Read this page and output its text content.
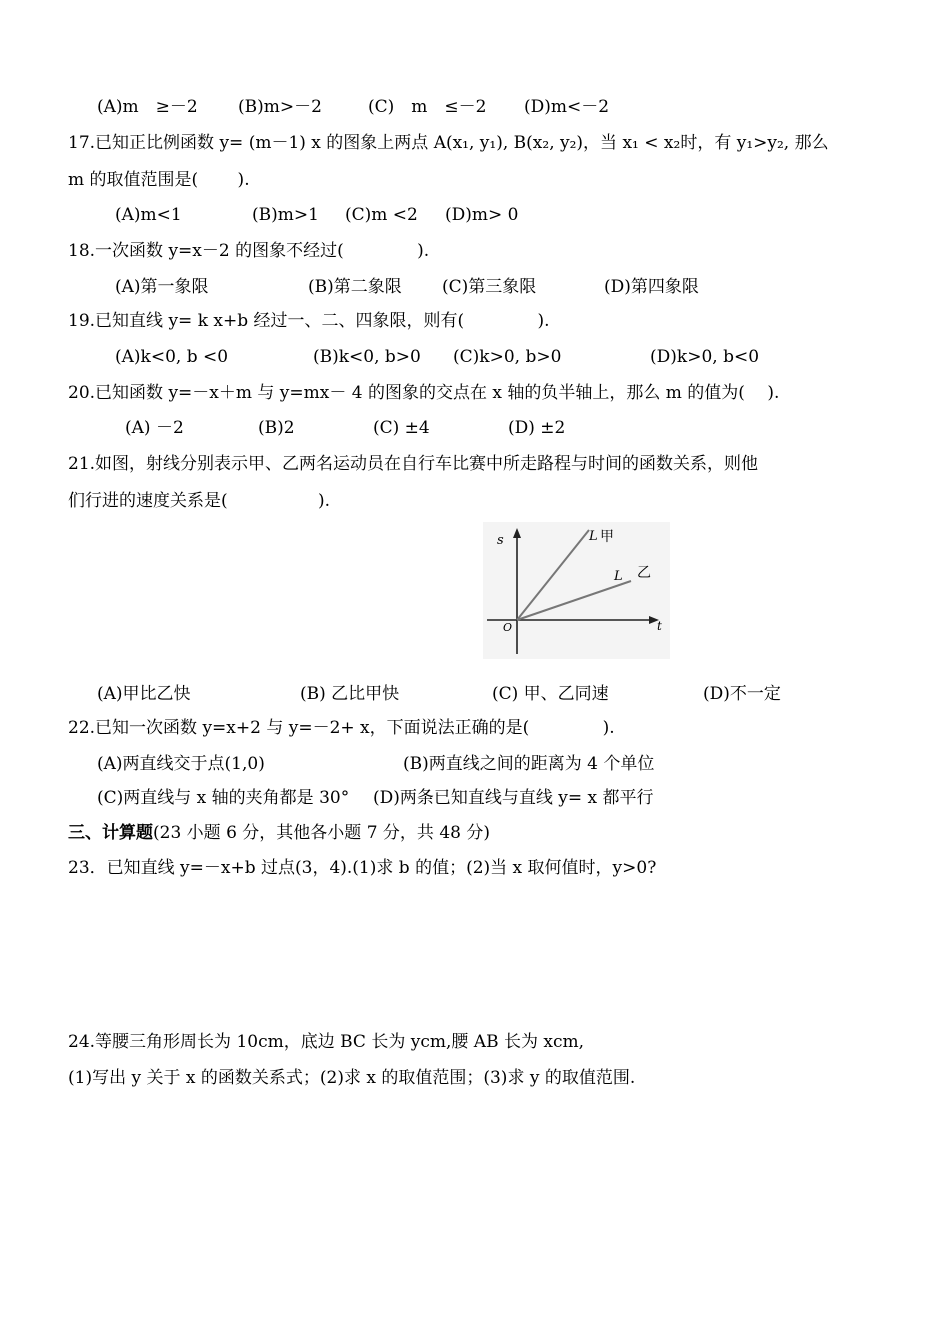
(A)m　≥－2 (B)m>－2	(C)　m　≤－2 (D)m<－2
17.已知正比例函数 y= (m－1) x 的图象上两点 A(x₁, y₁), B(x₂, y₂)，当 x₁ < x₂时，有 y₁>y₂, 那么
m 的取值范围是(　　 ).
(A)m<1	(B)m>1 (C)m <2 (D)m> 0
18.一次函数 y=x－2 的图象不经过(　　　　 ).
(A)第一象限	(B)第二象限 (C)第三象限	(D)第四象限
19.已知直线 y= k x+b 经过一、二、四象限，则有(　　　　 ).
(A)k<0, b <0	(B)k<0, b>0 (C)k>0, b>0	(D)k>0, b<0
20.已知函数 y=－x＋m 与 y=mx－ 4 的图象的交点在 x 轴的负半轴上，那么 m 的值为(　 ).
(A) －2	(B)2	(C) ±4	(D) ±2
21.如图，射线分别表示甲、乙两名运动员在自行车比赛中所走路程与时间的函数关系，则他
们行进的速度关系是(　　　　　 ).
s
t
O
L 甲
L 乙
(A)甲比乙快	(B) 乙比甲快	(C) 甲、乙同速	(D)不一定
22.已知一次函数 y=x+2 与 y=－2+ x，下面说法正确的是(　　　　 ).
(A)两直线交于点(1,0)	(B)两直线之间的距离为 4 个单位
(C)两直线与 x 轴的夹角都是 30° (D)两条已知直线与直线 y= x 都平行
三、计算题(23 小题 6 分，其他各小题 7 分，共 48 分)
23．已知直线 y=－x+b 过点(3，4).(1)求 b 的值；(2)当 x 取何值时，y>0?
24.等腰三角形周长为 10cm，底边 BC 长为 ycm,腰 AB 长为 xcm,
(1)写出 y 关于 x 的函数关系式；(2)求 x 的取值范围；(3)求 y 的取值范围.
